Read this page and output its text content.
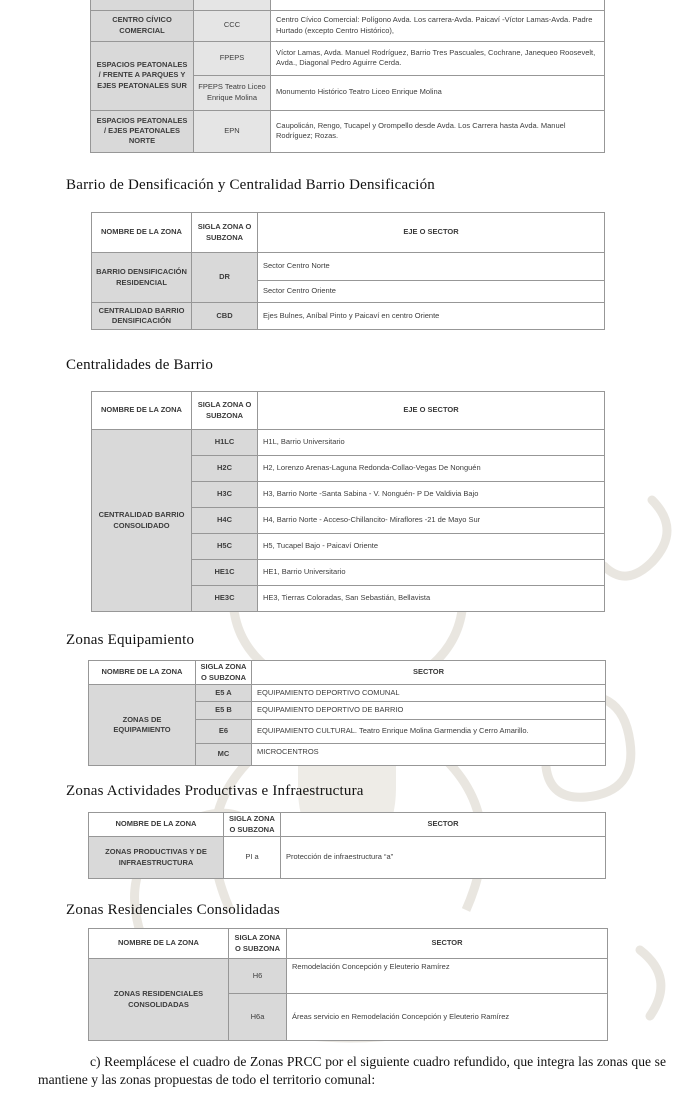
CENTRO CÍVICO COMERCIAL	CCC	Centro Cívico Comercial: Polígono Avda. Los carrera-Avda. Paicaví -Víctor Lamas-Avda. Padre Hurtado (excepto Centro Histórico),
ESPACIOS PEATONALES / FRENTE A PARQUES Y EJES PEATONALES SUR	FPEPS	Víctor Lamas, Avda. Manuel Rodríguez, Barrio Tres Pascuales, Cochrane, Janequeo Roosevelt, Avda., Diagonal Pedro Aguirre Cerda.
	FPEPS Teatro Liceo Enrique Molina	Monumento Histórico Teatro Liceo Enrique Molina
ESPACIOS PEATONALES / EJES PEATONALES NORTE	EPN	Caupolicán, Rengo, Tucapel y Orompello desde Avda. Los Carrera hasta Avda. Manuel Rodríguez; Rozas.
Barrio de Densificación y Centralidad Barrio Densificación
NOMBRE DE LA ZONA	SIGLA ZONA O SUBZONA	EJE O SECTOR
BARRIO DENSIFICACIÓN RESIDENCIAL	DR	Sector Centro Norte
		Sector Centro Oriente
CENTRALIDAD BARRIO DENSIFICACIÓN	CBD	Ejes Bulnes, Aníbal Pinto y Paicaví en centro Oriente
Centralidades de Barrio
NOMBRE DE LA ZONA	SIGLA ZONA O SUBZONA	EJE O SECTOR
CENTRALIDAD BARRIO CONSOLIDADO	H1LC	H1L, Barrio Universitario
	H2C	H2, Lorenzo Arenas-Laguna Redonda-Collao-Vegas De Nonguén
	H3C	H3, Barrio Norte -Santa Sabina - V. Nonguén- P De Valdivia Bajo
	H4C	H4, Barrio Norte - Acceso-Chillancito- Miraflores -21 de Mayo Sur
	H5C	H5, Tucapel Bajo - Paicaví Oriente
	HE1C	HE1, Barrio Universitario
	HE3C	HE3, Tierras Coloradas, San Sebastián, Bellavista
Zonas Equipamiento
NOMBRE DE LA ZONA	SIGLA ZONA O SUBZONA	SECTOR
ZONAS DE EQUIPAMIENTO	E5 A	EQUIPAMIENTO DEPORTIVO COMUNAL
	E5 B	EQUIPAMIENTO DEPORTIVO DE BARRIO
	E6	EQUIPAMIENTO CULTURAL. Teatro Enrique Molina Garmendia y Cerro Amarillo.
	MC	MICROCENTROS
Zonas Actividades Productivas e Infraestructura
NOMBRE DE LA ZONA	SIGLA ZONA O SUBZONA	SECTOR
ZONAS PRODUCTIVAS Y DE INFRAESTRUCTURA	PI a	Protección de infraestructura “a”
Zonas Residenciales Consolidadas
NOMBRE DE LA ZONA	SIGLA ZONA O SUBZONA	SECTOR
ZONAS RESIDENCIALES CONSOLIDADAS	H6	Remodelación Concepción y Eleuterio Ramírez
	H6a	Áreas servicio en Remodelación Concepción y Eleuterio Ramírez
c) Reemplácese el cuadro de Zonas PRCC por el siguiente cuadro refundido, que integra las zonas que se mantiene y las zonas propuestas de todo el territorio comunal:
